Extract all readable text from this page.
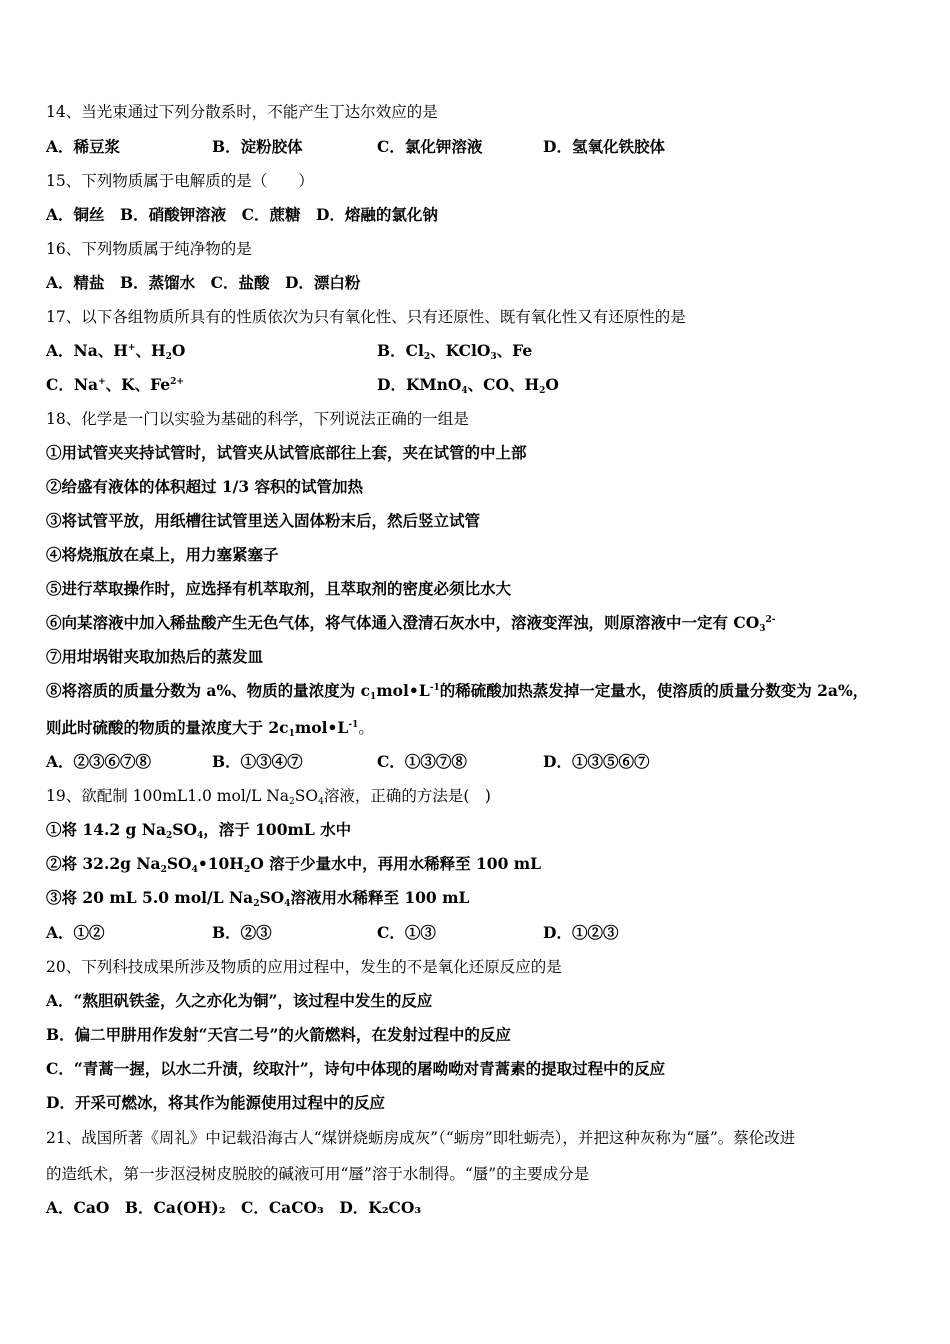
14、当光束通过下列分散系时，不能产生丁达尔效应的是
A．稀豆浆	B．淀粉胶体	C．氯化钾溶液	D．氢氧化铁胶体
15、下列物质属于电解质的是（　　）
A．铜丝　B．硝酸钾溶液　C．蔗糖　D．熔融的氯化钠
16、下列物质属于纯净物的是
A．精盐　B．蒸馏水　C．盐酸　D．漂白粉
17、以下各组物质所具有的性质依次为只有氧化性、只有还原性、既有氧化性又有还原性的是
A．Na、H+、$H_2O$	B．$Cl_2$、KClO$_3$、Fe
C．Na+、K、$Fe^{2+}$	D．KMnO$_4$、CO、$H_2O$
18、化学是一门以实验为基础的科学，下列说法正确的一组是
①用试管夹夹持试管时，试管夹从试管底部往上套，夹在试管的中上部
②给盛有液体的体积超过 1/3 容积的试管加热
③将试管平放，用纸槽往试管里送入固体粉末后，然后竖立试管
④将烧瓶放在桌上，用力塞紧塞子
⑤进行萃取操作时，应选择有机萃取剂，且萃取剂的密度必须比水大
⑥向某溶液中加入稀盐酸产生无色气体，将气体通入澄清石灰水中，溶液变浑浊，则原溶液中一定有 $CO_3^{2-}$
⑦用坩埚钳夹取加热后的蒸发皿
⑧将溶质的质量分数为 a%、物质的量浓度为 $c_1mol•L^{-1}$的稀硫酸加热蒸发掉一定量水，使溶质的质量分数变为 2a%，
则此时硫酸的物质的量浓度大于 $2c_1mol•L^{-1}$。
A．②③⑥⑦⑧	B．①③④⑦	C．①③⑦⑧	D．①③⑤⑥⑦
19、欲配制 100mL1.0 mol/L $Na_2SO_4$溶液，正确的方法是(　)
①将 14.2 g $Na_2SO_4$，溶于 100mL 水中
②将 32.2g $Na_2SO_4•10H_2O$ 溶于少量水中，再用水稀释至 100 mL
③将 20 mL 5.0 mol/L $Na_2SO_4$溶液用水稀释至 100 mL
A．①②	B．②③	C．①③	D．①②③
20、下列科技成果所涉及物质的应用过程中，发生的不是氧化还原反应的是
A．“熬胆矾铁釜，久之亦化为铜”，该过程中发生的反应
B．偏二甲肼用作发射“天宫二号”的火箭燃料，在发射过程中的反应
C．“青蒿一握，以水二升渍，绞取汁”，诗句中体现的屠呦呦对青蒿素的提取过程中的反应
D．开采可燃冰，将其作为能源使用过程中的反应
21、战国所著《周礼》中记载沿海古人“煤饼烧蛎房成灰”（“蛎房”即牡蛎壳），并把这种灰称为“蜃”。蔡伦改进
的造纸术，第一步沤浸树皮脱胶的碱液可用“蜃”溶于水制得。“蜃”的主要成分是
A．CaO　B．Ca(OH)₂　C．CaCO₃　D．K₂CO₃
